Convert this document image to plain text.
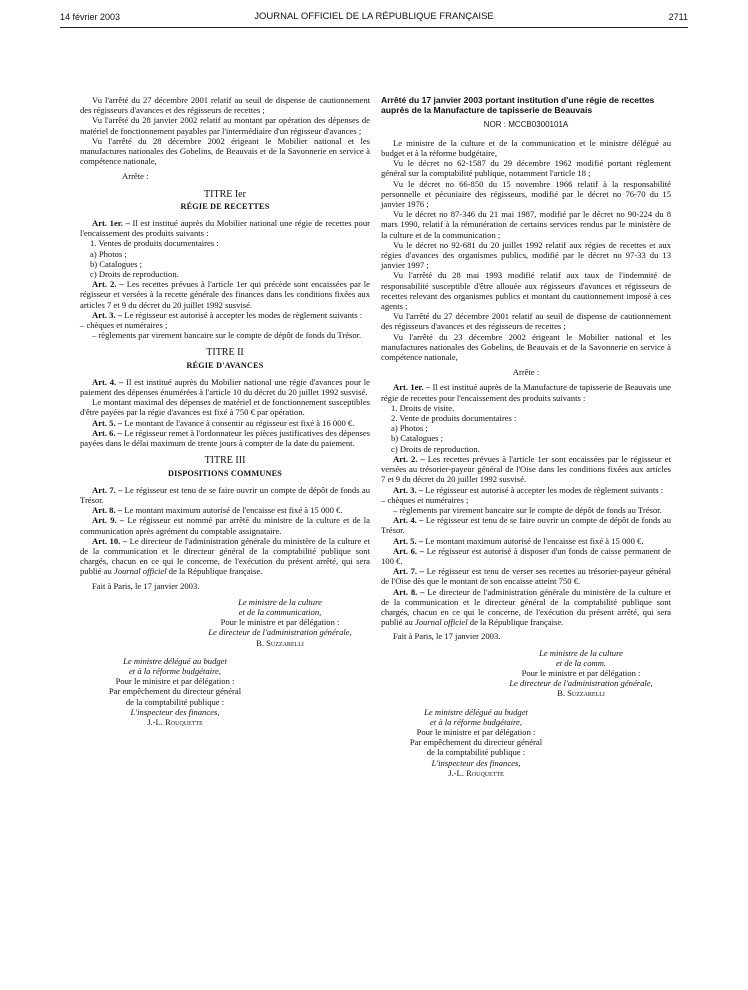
14 février 2003	JOURNAL OFFICIEL DE LA RÉPUBLIQUE FRANÇAISE	2711

Vu l'arrêté du 27 décembre 2001 relatif au seuil de dispense de cautionnement des régisseurs d'avances et des régisseurs de recettes ;

Vu l'arrêté du 28 janvier 2002 relatif au montant par opération des dépenses de matériel de fonctionnement payables par l'intermédiaire d'un régisseur d'avances ;

Vu l'arrêté du 28 décembre 2002 érigeant le Mobilier national et les manufactures nationales des Gobelins, de Beauvais et de la Savonnerie en service à compétence nationale,

Arrête :

TITRE Ier
RÉGIE DE RECETTES

Art. 1er. – Il est institué auprès du Mobilier national une régie de recettes pour l'encaissement des produits suivants :

1. Ventes de produits documentaires :

a) Photos ;

b) Catalogues ;

c) Droits de reproduction.

Art. 2. – Les recettes prévues à l'article 1er qui précède sont encaissées par le régisseur et versées à la recette générale des finances dans les conditions fixées aux articles 7 et 9 du décret du 20 juillet 1992 susvisé.

Art. 3. – Le régisseur est autorisé à accepter les modes de règlement suivants :

– chèques et numéraires ;

– règlements par virement bancaire sur le compte de dépôt de fonds du Trésor.

TITRE II
RÉGIE D'AVANCES

Art. 4. – Il est institué auprès du Mobilier national une régie d'avances pour le paiement des dépenses énumérées à l'article 10 du décret du 20 juillet 1992 susvisé.

Le montant maximal des dépenses de matériel et de fonctionnement susceptibles d'être payées par la régie d'avances est fixé à 750 € par opération.

Art. 5. – Le montant de l'avance à consentir au régisseur est fixé à 16 000 €.

Art. 6. – Le régisseur remet à l'ordonnateur les pièces justificatives des dépenses payées dans le délai maximum de trente jours à compter de la date du paiement.

TITRE III
DISPOSITIONS COMMUNES

Art. 7. – Le régisseur est tenu de se faire ouvrir un compte de dépôt de fonds au Trésor.

Art. 8. – Le montant maximum autorisé de l'encaisse est fixé à 15 000 €.

Art. 9. – Le régisseur est nommé par arrêté du ministre de la culture et de la communication après agrément du comptable assignataire.

Art. 10. – Le directeur de l'administration générale du ministère de la culture et de la communication et le directeur général de la comptabilité publique sont chargés, chacun en ce qui le concerne, de l'exécution du présent arrêté, qui sera publié au Journal officiel de la République française.

Fait à Paris, le 17 janvier 2003.

Le ministre de la culture
et de la communication,
Pour le ministre et par délégation :
Le directeur de l'administration générale,
B. Suzzarelli
Le ministre délégué au budget
et à la réforme budgétaire,
Pour le ministre et par délégation :
Par empêchement du directeur général
de la comptabilité publique :
L'inspecteur des finances,
J.-L. Rouquette

Arrêté du 17 janvier 2003 portant institution d'une régie de recettes auprès de la Manufacture de tapisserie de Beauvais

NOR : MCCB0300101A

Le ministre de la culture et de la communication et le ministre délégué au budget et à la réforme budgétaire,

Vu le décret no 62-1587 du 29 décembre 1962 modifié portant règlement général sur la comptabilité publique, notamment l'article 18 ;

Vu le décret no 66-850 du 15 novembre 1966 relatif à la responsabilité personnelle et pécuniaire des régisseurs, modifié par le décret no 76-70 du 15 janvier 1976 ;

Vu le décret no 87-346 du 21 mai 1987, modifié par le décret no 90-224 du 8 mars 1990, relatif à la rémunération de certains services rendus par le ministère de la culture et de la communication ;

Vu le décret no 92-681 du 20 juillet 1992 relatif aux régies de recettes et aux régies d'avances des organismes publics, modifié par le décret no 97-33 du 13 janvier 1997 ;

Vu l'arrêté du 28 mai 1993 modifié relatif aux taux de l'indemnité de responsabilité susceptible d'être allouée aux régisseurs d'avances et régisseurs de recettes relevant des organismes publics et montant du cautionnement imposé à ces agents ;

Vu l'arrêté du 27 décembre 2001 relatif au seuil de dispense de cautionnement des régisseurs d'avances et des régisseurs de recettes ;

Vu l'arrêté du 23 décembre 2002 érigeant le Mobilier national et les manufactures nationales des Gobelins, de Beauvais et de la Savonnerie en service à compétence nationale,

Arrête :

Art. 1er. – Il est institué auprès de la Manufacture de tapisserie de Beauvais une régie de recettes pour l'encaissement des produits suivants :

1. Droits de visite.

2. Vente de produits documentaires :

a) Photos ;

b) Catalogues ;

c) Droits de reproduction.

Art. 2. – Les recettes prévues à l'article 1er sont encaissées par le régisseur et versées au trésorier-payeur général de l'Oise dans les conditions fixées aux articles 7 et 9 du décret du 20 juillet 1992 susvisé.

Art. 3. – Le régisseur est autorisé à accepter les modes de règlement suivants :

– chèques et numéraires ;

– règlements par virement bancaire sur le compte de dépôt de fonds au Trésor.

Art. 4. – Le régisseur est tenu de se faire ouvrir un compte de dépôt de fonds au Trésor.

Art. 5. – Le montant maximum autorisé de l'encaisse est fixé à 15 000 €.

Art. 6. – Le régisseur est autorisé à disposer d'un fonds de caisse permanent de 100 €.

Art. 7. – Le régisseur est tenu de verser ses recettes au trésorier-payeur général de l'Oise dès que le montant de son encaisse atteint 750 €.

Art. 8. – Le directeur de l'administration générale du ministère de la culture et de la communication et le directeur général de la comptabilité publique sont chargés, chacun en ce qui le concerne, de l'exécution du présent arrêté, qui sera publié au Journal officiel de la République française.

Fait à Paris, le 17 janvier 2003.

Le ministre de la culture
et de la comm.
Pour le ministre et par délégation :
Le directeur de l'administration générale,
B. Suzzarelli
Le ministre délégué au budget
et à la réforme budgétaire,
Pour le ministre et par délégation :
Par empêchement du directeur général
de la comptabilité publique :
L'inspecteur des finances,
J.-L. Rouquette
